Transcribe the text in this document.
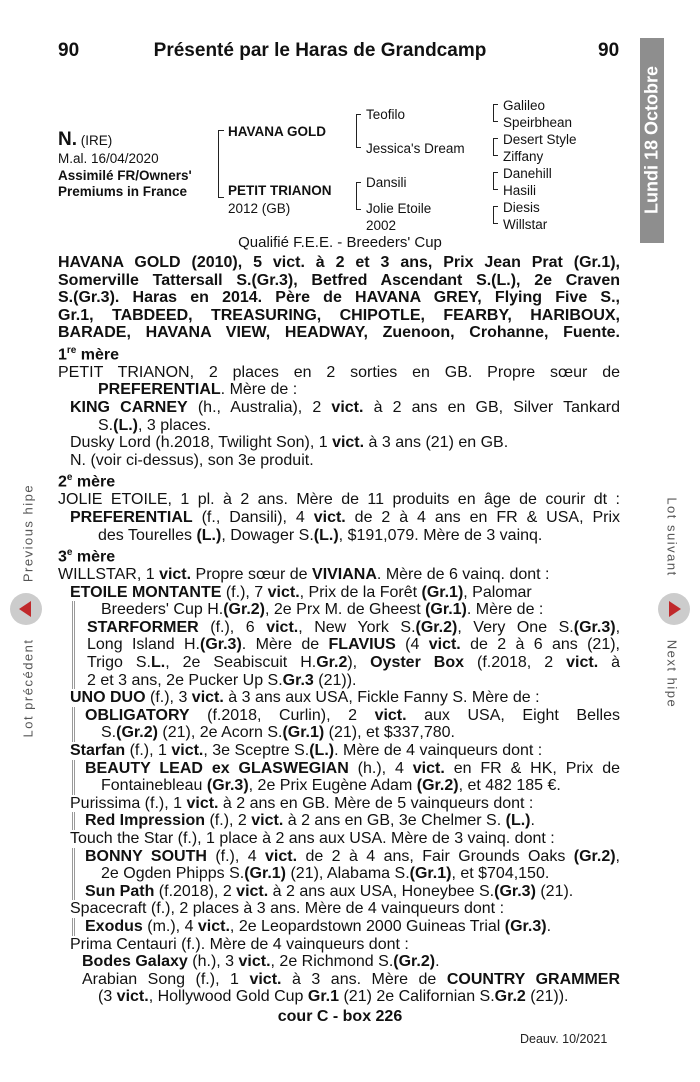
90	Présenté par le Haras de Grandcamp	90
Lundi 18 Octobre
N. (IRE)
M.al. 16/04/2020
Assimilé FR/Owners'
Premiums in France
HAVANA GOLD
PETIT TRIANON
2012 (GB)
Teofilo
Jessica's Dream
Dansili
Jolie Etoile
2002
Galileo
Speirbhean
Desert Style
Ziffany
Danehill
Hasili
Diesis
Willstar
Qualifié F.E.E. - Breeders' Cup

HAVANA GOLD (2010), 5 vict. à 2 et 3 ans, Prix Jean Prat (Gr.1),

Somerville Tattersall S.(Gr.3), Betfred Ascendant S.(L.), 2e Craven

S.(Gr.3). Haras en 2014. Père de HAVANA GREY, Flying Five S.,

Gr.1, TABDEED, TREASURING, CHIPOTLE, FEARBY, HARIBOUX,

BARADE, HAVANA VIEW, HEADWAY, Zuenoon, Crohanne, Fuente.

1re mère

PETIT TRIANON, 2 places en 2 sorties en GB. Propre sœur de

PREFERENTIAL. Mère de :

KING CARNEY (h., Australia), 2 vict. à 2 ans en GB, Silver Tankard

S.(L.), 3 places.

Dusky Lord (h.2018, Twilight Son), 1 vict. à 3 ans (21) en GB.

N. (voir ci-dessus), son 3e produit.

2e mère

JOLIE ETOILE, 1 pl. à 2 ans. Mère de 11 produits en âge de courir dt :

PREFERENTIAL (f., Dansili), 4 vict. de 2 à 4 ans en FR & USA, Prix

des Tourelles (L.), Dowager S.(L.), $191,079. Mère de 3 vainq.

3e mère

WILLSTAR, 1 vict. Propre sœur de VIVIANA. Mère de 6 vainq. dont :

ETOILE MONTANTE (f.), 7 vict., Prix de la Forêt (Gr.1), Palomar

Breeders' Cup H.(Gr.2), 2e Prx M. de Gheest (Gr.1). Mère de :

STARFORMER (f.), 6 vict., New York S.(Gr.2), Very One S.(Gr.3),

Long Island H.(Gr.3). Mère de FLAVIUS (4 vict. de 2 à 6 ans (21),

Trigo S.L., 2e Seabiscuit H.Gr.2), Oyster Box (f.2018, 2 vict. à

2 et 3 ans, 2e Pucker Up S.Gr.3 (21)).

UNO DUO (f.), 3 vict. à 3 ans aux USA, Fickle Fanny S. Mère de :

OBLIGATORY (f.2018, Curlin), 2 vict. aux USA, Eight Belles

S.(Gr.2) (21), 2e Acorn S.(Gr.1) (21), et $337,780.

Starfan (f.), 1 vict., 3e Sceptre S.(L.). Mère de 4 vainqueurs dont :

BEAUTY LEAD ex GLASWEGIAN (h.), 4 vict. en FR & HK, Prix de

Fontainebleau (Gr.3), 2e Prix Eugène Adam (Gr.2), et 482 185 €.

Purissima (f.), 1 vict. à 2 ans en GB. Mère de 5 vainqueurs dont :

Red Impression (f.), 2 vict. à 2 ans en GB, 3e Chelmer S. (L.).

Touch the Star (f.), 1 place à 2 ans aux USA. Mère de 3 vainq. dont :

BONNY SOUTH (f.), 4 vict. de 2 à 4 ans, Fair Grounds Oaks (Gr.2),

2e Ogden Phipps S.(Gr.1) (21), Alabama S.(Gr.1), et $704,150.

Sun Path (f.2018), 2 vict. à 2 ans aux USA, Honeybee S.(Gr.3) (21).

Spacecraft (f.), 2 places à 3 ans. Mère de 4 vainqueurs dont :

Exodus (m.), 4 vict., 2e Leopardstown 2000 Guineas Trial (Gr.3).

Prima Centauri (f.). Mère de 4 vainqueurs dont :

Bodes Galaxy (h.), 3 vict., 2e Richmond S.(Gr.2).

Arabian Song (f.), 1 vict. à 3 ans. Mère de COUNTRY GRAMMER

(3 vict., Hollywood Gold Cup Gr.1 (21) 2e Californian S.Gr.2 (21)).

Previous hipe
Lot précédent
Lot suivant
Next hipe
cour C - box 226
Deauv. 10/2021
